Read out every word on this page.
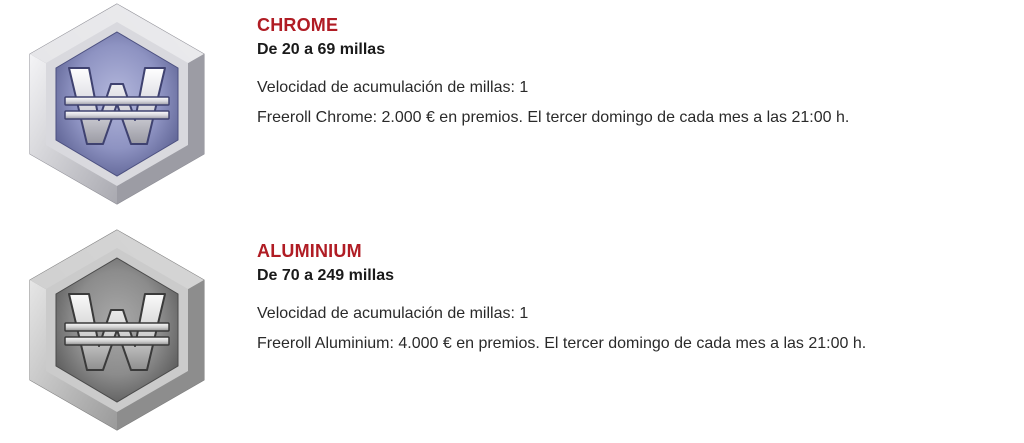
CHROME

De 20 a 69 millas

Velocidad de acumulación de millas: 1

Freeroll Chrome: 2.000 € en premios. El tercer domingo de cada mes a las 21:00 h.

ALUMINIUM

De 70 a 249 millas

Velocidad de acumulación de millas: 1

Freeroll Aluminium: 4.000 € en premios. El tercer domingo de cada mes a las 21:00 h.
